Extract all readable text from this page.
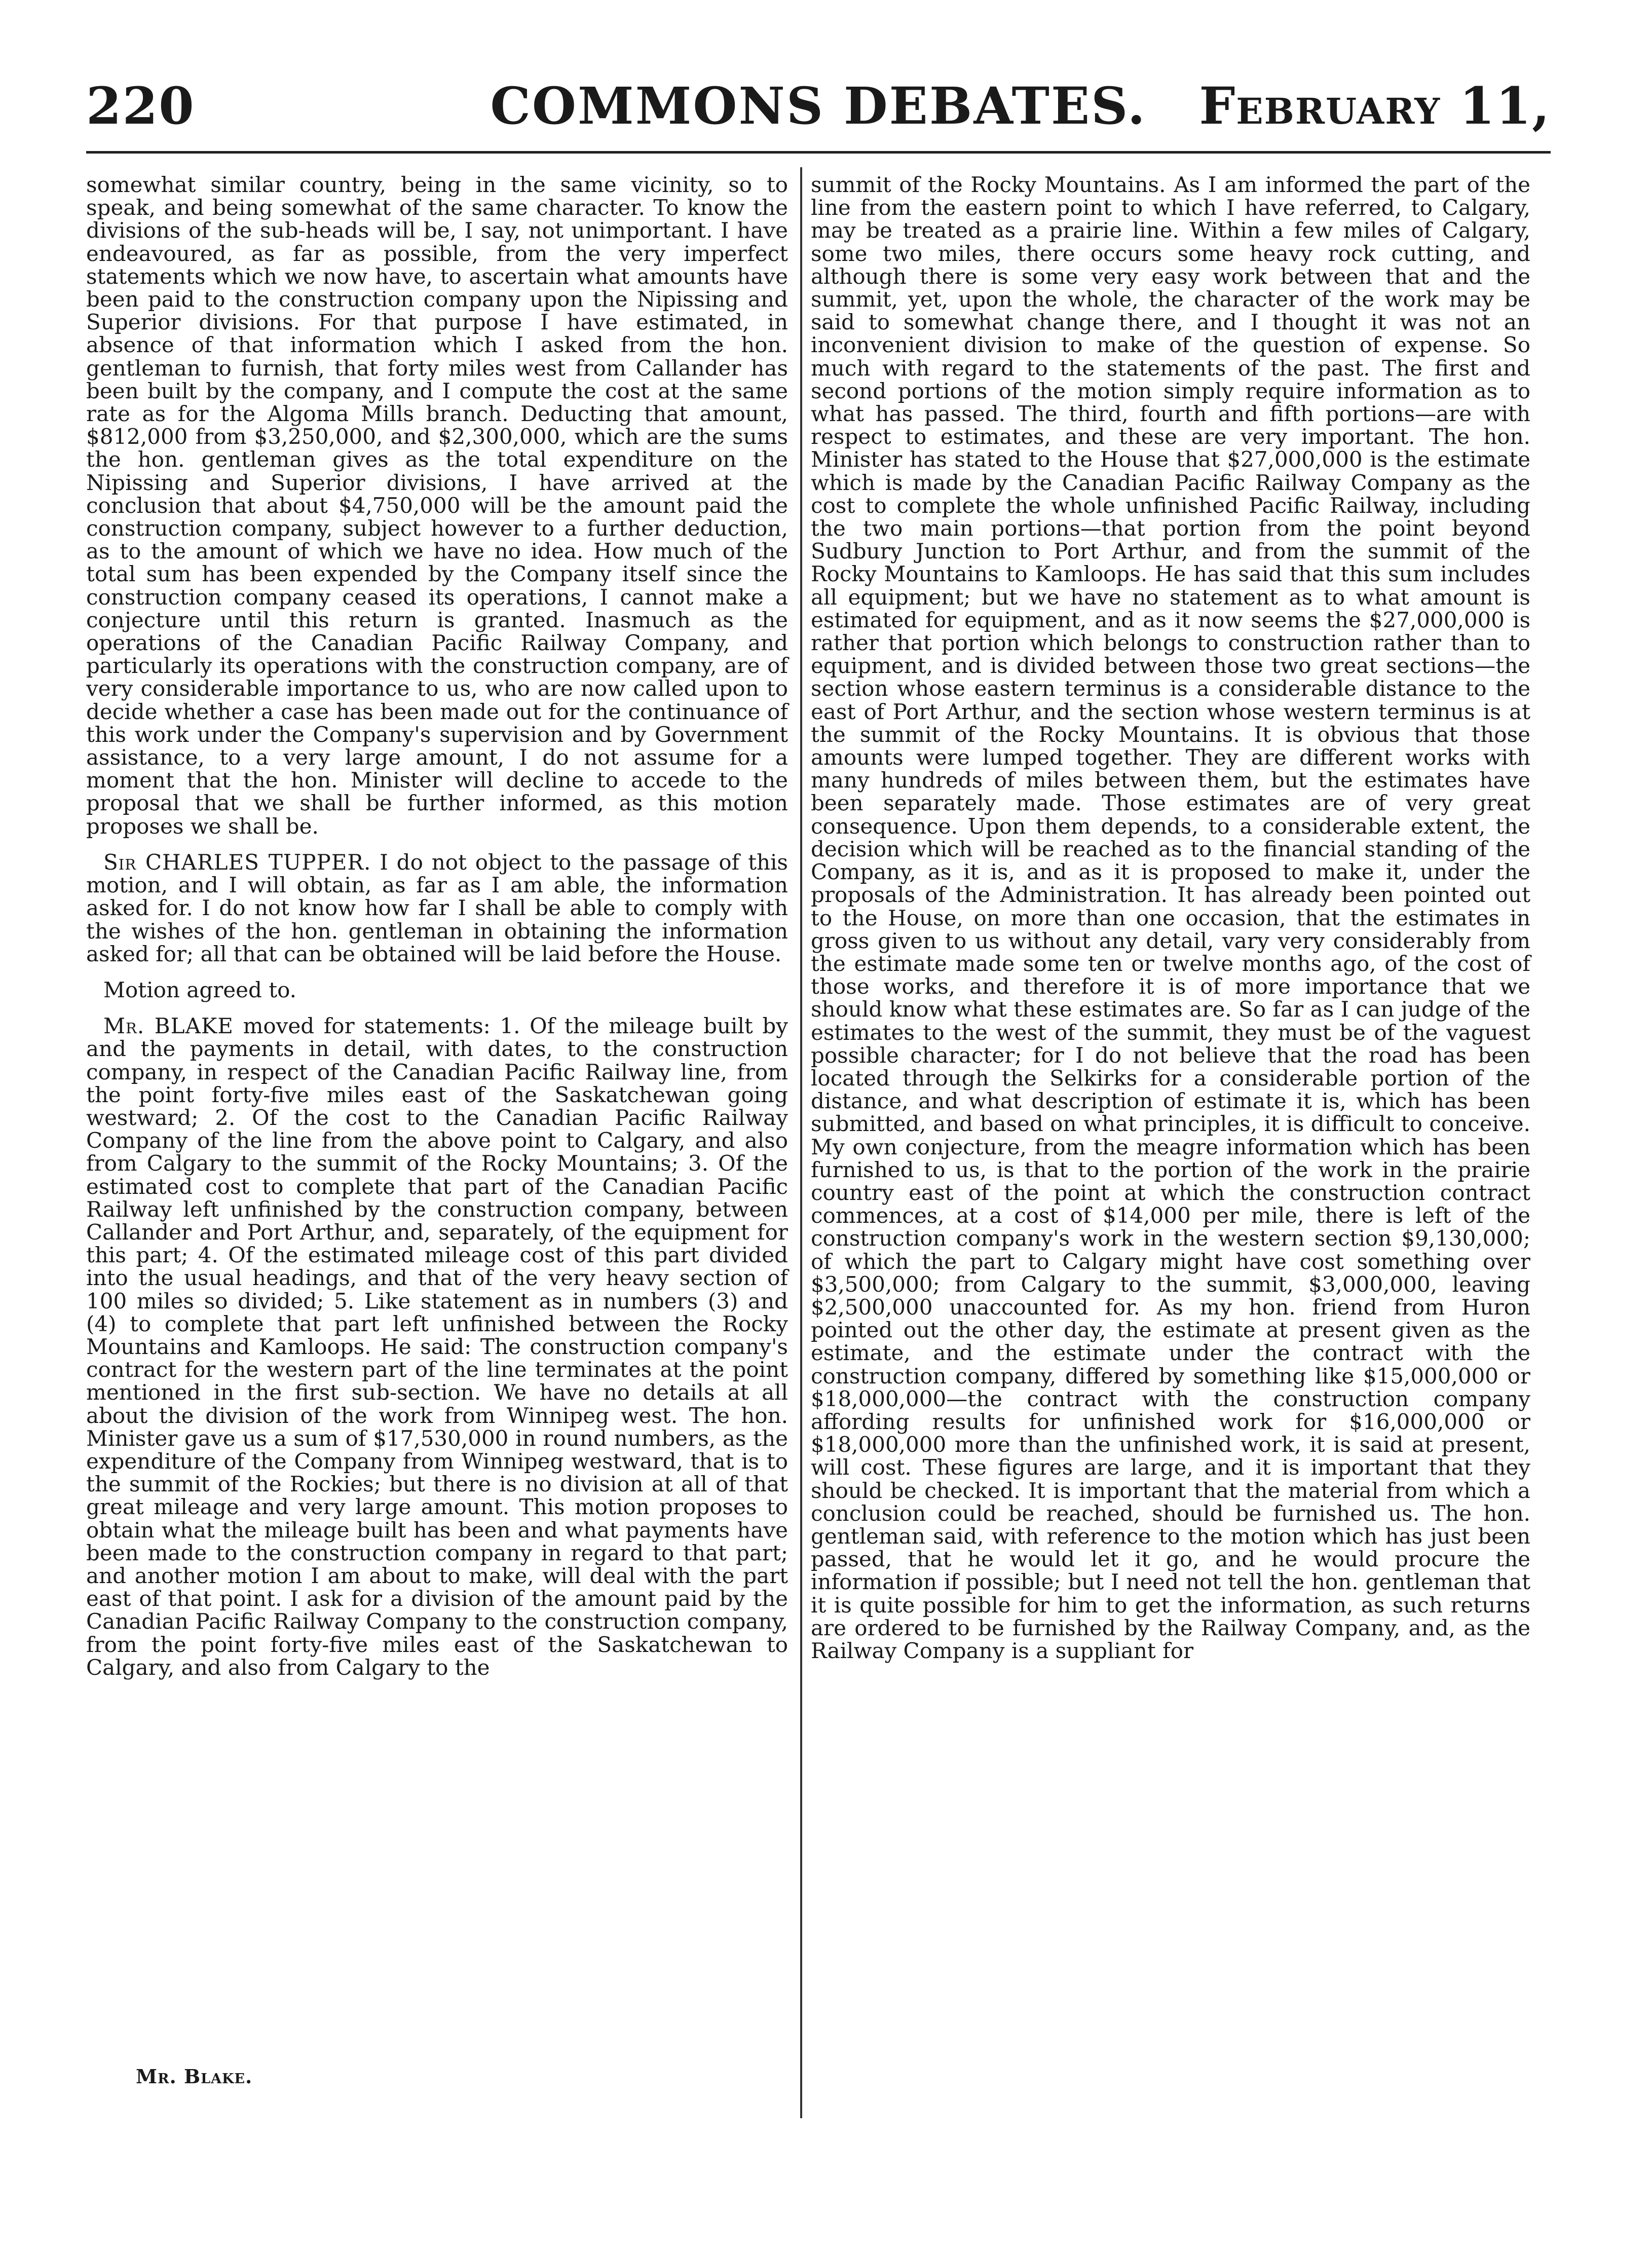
220	COMMONS DEBATES.	February 11,

somewhat similar country, being in the same vicinity, so to speak, and being somewhat of the same character. To know the divisions of the sub-heads will be, I say, not unimportant. I have endeavoured, as far as possible, from the very imperfect statements which we now have, to ascertain what amounts have been paid to the construction company upon the Nipissing and Superior divisions. For that purpose I have estimated, in absence of that information which I asked from the hon. gentleman to furnish, that forty miles west from Callander has been built by the company, and I compute the cost at the same rate as for the Algoma Mills branch. Deducting that amount, $812,000 from $3,250,000, and $2,300,000, which are the sums the hon. gentleman gives as the total expenditure on the Nipissing and Superior divisions, I have arrived at the conclusion that about $4,750,000 will be the amount paid the construction company, subject however to a further deduction, as to the amount of which we have no idea. How much of the total sum has been expended by the Company itself since the construction company ceased its operations, I cannot make a conjecture until this return is granted. Inasmuch as the operations of the Canadian Pacific Railway Company, and particularly its operations with the construction company, are of very considerable importance to us, who are now called upon to decide whether a case has been made out for the continuance of this work under the Company's supervision and by Government assistance, to a very large amount, I do not assume for a moment that the hon. Minister will decline to accede to the proposal that we shall be further informed, as this motion proposes we shall be.

Sir CHARLES TUPPER. I do not object to the passage of this motion, and I will obtain, as far as I am able, the information asked for. I do not know how far I shall be able to comply with the wishes of the hon. gentleman in obtaining the information asked for; all that can be obtained will be laid before the House.

Motion agreed to.

Mr. BLAKE moved for statements: 1. Of the mileage built by and the payments in detail, with dates, to the construction company, in respect of the Canadian Pacific Railway line, from the point forty-five miles east of the Saskatchewan going westward; 2. Of the cost to the Canadian Pacific Railway Company of the line from the above point to Calgary, and also from Calgary to the summit of the Rocky Mountains; 3. Of the estimated cost to complete that part of the Canadian Pacific Railway left unfinished by the construction company, between Callander and Port Arthur, and, separately, of the equipment for this part; 4. Of the estimated mileage cost of this part divided into the usual headings, and that of the very heavy section of 100 miles so divided; 5. Like statement as in numbers (3) and (4) to complete that part left unfinished between the Rocky Mountains and Kamloops. He said: The construction company's contract for the western part of the line terminates at the point mentioned in the first sub-section. We have no details at all about the division of the work from Winnipeg west. The hon. Minister gave us a sum of $17,530,000 in round numbers, as the expenditure of the Company from Winnipeg westward, that is to the summit of the Rockies; but there is no division at all of that great mileage and very large amount. This motion proposes to obtain what the mileage built has been and what payments have been made to the construction company in regard to that part; and another motion I am about to make, will deal with the part east of that point. I ask for a division of the amount paid by the Canadian Pacific Railway Company to the construction company, from the point forty-five miles east of the Saskatchewan to Calgary, and also from Calgary to the

summit of the Rocky Mountains. As I am informed the part of the line from the eastern point to which I have referred, to Calgary, may be treated as a prairie line. Within a few miles of Calgary, some two miles, there occurs some heavy rock cutting, and although there is some very easy work between that and the summit, yet, upon the whole, the character of the work may be said to somewhat change there, and I thought it was not an inconvenient division to make of the question of expense. So much with regard to the statements of the past. The first and second portions of the motion simply require information as to what has passed. The third, fourth and fifth portions—are with respect to estimates, and these are very important. The hon. Minister has stated to the House that $27,000,000 is the estimate which is made by the Canadian Pacific Railway Company as the cost to complete the whole unfinished Pacific Railway, including the two main portions—that portion from the point beyond Sudbury Junction to Port Arthur, and from the summit of the Rocky Mountains to Kamloops. He has said that this sum includes all equipment; but we have no statement as to what amount is estimated for equipment, and as it now seems the $27,000,000 is rather that portion which belongs to construction rather than to equipment, and is divided between those two great sections—the section whose eastern terminus is a considerable distance to the east of Port Arthur, and the section whose western terminus is at the summit of the Rocky Mountains. It is obvious that those amounts were lumped together. They are different works with many hundreds of miles between them, but the estimates have been separately made. Those estimates are of very great consequence. Upon them depends, to a considerable extent, the decision which will be reached as to the financial standing of the Company, as it is, and as it is proposed to make it, under the proposals of the Administration. It has already been pointed out to the House, on more than one occasion, that the estimates in gross given to us without any detail, vary very considerably from the estimate made some ten or twelve months ago, of the cost of those works, and therefore it is of more importance that we should know what these estimates are. So far as I can judge of the estimates to the west of the summit, they must be of the vaguest possible character; for I do not believe that the road has been located through the Selkirks for a considerable portion of the distance, and what description of estimate it is, which has been submitted, and based on what principles, it is difficult to conceive. My own conjecture, from the meagre information which has been furnished to us, is that to the portion of the work in the prairie country east of the point at which the construction contract commences, at a cost of $14,000 per mile, there is left of the construction company's work in the western section $9,130,000; of which the part to Calgary might have cost something over $3,500,000; from Calgary to the summit, $3,000,000, leaving $2,500,000 unaccounted for. As my hon. friend from Huron pointed out the other day, the estimate at present given as the estimate, and the estimate under the contract with the construction company, differed by something like $15,000,000 or $18,000,000—the contract with the construction company affording results for unfinished work for $16,000,000 or $18,000,000 more than the unfinished work, it is said at present, will cost. These figures are large, and it is important that they should be checked. It is important that the material from which a conclusion could be reached, should be furnished us. The hon. gentleman said, with reference to the motion which has just been passed, that he would let it go, and he would procure the information if possible; but I need not tell the hon. gentleman that it is quite possible for him to get the information, as such returns are ordered to be furnished by the Railway Company, and, as the Railway Company is a suppliant for

Mr. Blake.
